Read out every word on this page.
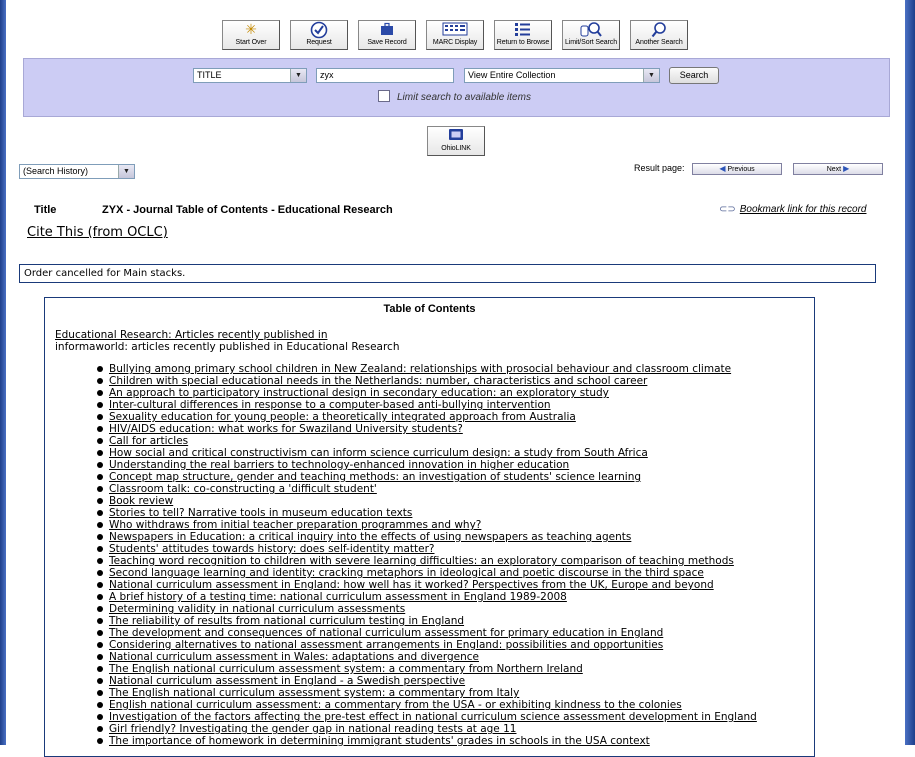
✳
Start Over	Request	Save Record	MARC Display	Return to Browse Limit/Sort Search	Another Search
TITLE	▼	zyx	View Entire Collection	▼	Search
Limit search to available items
OhioLINK
(Search History)	▼	Result page:	◀ Previous	Next ▶
Title	ZYX - Journal Table of Contents - Educational Research	⊂⊃ Bookmark link for this record
Cite This (from OCLC)
Order cancelled for Main stacks.
Table of Contents
Educational Research: Articles recently published in
informaworld: articles recently published in Educational Research
Bullying among primary school children in New Zealand: relationships with prosocial behaviour and classroom climate
Children with special educational needs in the Netherlands: number, characteristics and school career
An approach to participatory instructional design in secondary education: an exploratory study
Inter-cultural differences in response to a computer-based anti-bullying intervention
Sexuality education for young people: a theoretically integrated approach from Australia
HIV/AIDS education: what works for Swaziland University students?
Call for articles
How social and critical constructivism can inform science curriculum design: a study from South Africa
Understanding the real barriers to technology-enhanced innovation in higher education
Concept map structure, gender and teaching methods: an investigation of students' science learning
Classroom talk: co-constructing a 'difficult student'
Book review
Stories to tell? Narrative tools in museum education texts
Who withdraws from initial teacher preparation programmes and why?
Newspapers in Education: a critical inquiry into the effects of using newspapers as teaching agents
Students' attitudes towards history: does self-identity matter?
Teaching word recognition to children with severe learning difficulties: an exploratory comparison of teaching methods
Second language learning and identity: cracking metaphors in ideological and poetic discourse in the third space
National curriculum assessment in England: how well has it worked? Perspectives from the UK, Europe and beyond
A brief history of a testing time: national curriculum assessment in England 1989-2008
Determining validity in national curriculum assessments
The reliability of results from national curriculum testing in England
The development and consequences of national curriculum assessment for primary education in England
Considering alternatives to national assessment arrangements in England: possibilities and opportunities
National curriculum assessment in Wales: adaptations and divergence
The English national curriculum assessment system: a commentary from Northern Ireland
National curriculum assessment in England - a Swedish perspective
The English national curriculum assessment system: a commentary from Italy
English national curriculum assessment: a commentary from the USA - or exhibiting kindness to the colonies
Investigation of the factors affecting the pre-test effect in national curriculum science assessment development in England
Girl friendly? Investigating the gender gap in national reading tests at age 11
The importance of homework in determining immigrant students' grades in schools in the USA context
